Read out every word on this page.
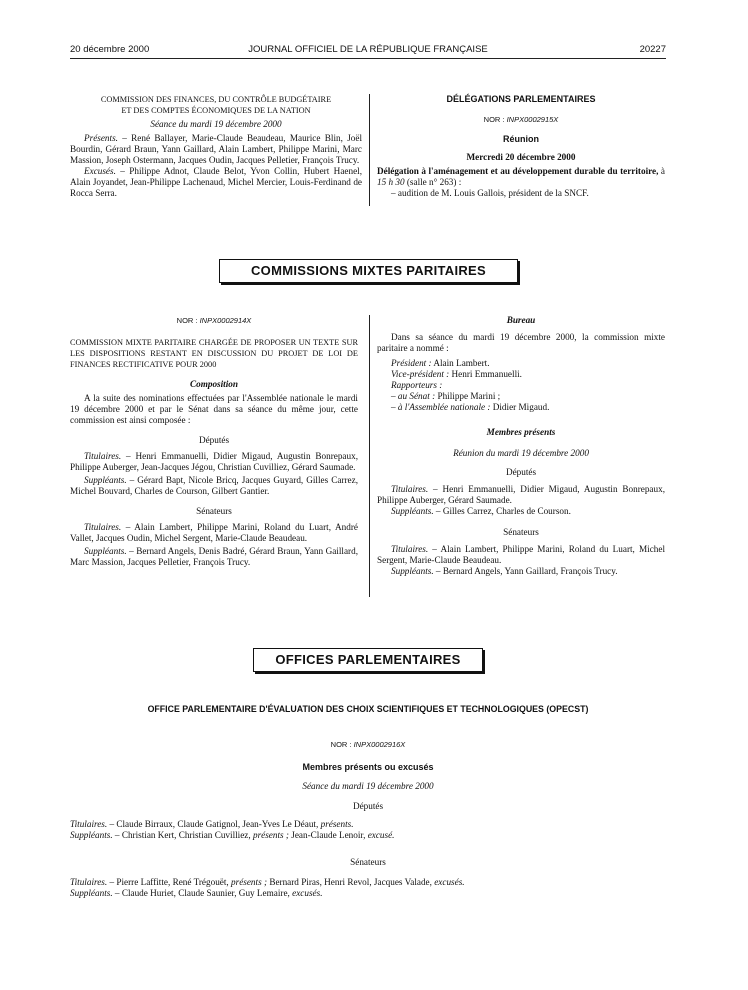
20 décembre 2000	JOURNAL OFFICIEL DE LA RÉPUBLIQUE FRANÇAISE	20227

COMMISSION DES FINANCES, DU CONTRÔLE BUDGÉTAIRE

ET DES COMPTES ÉCONOMIQUES DE LA NATION

Séance du mardi 19 décembre 2000

Présents. – René Ballayer, Marie-Claude Beaudeau, Maurice Blin, Joël Bourdin, Gérard Braun, Yann Gaillard, Alain Lambert, Philippe Marini, Marc Massion, Joseph Ostermann, Jacques Oudin, Jacques Pelletier, François Trucy.

Excusés. – Philippe Adnot, Claude Belot, Yvon Collin, Hubert Haenel, Alain Joyandet, Jean-Philippe Lachenaud, Michel Mercier, Louis-Ferdinand de Rocca Serra.

DÉLÉGATIONS PARLEMENTAIRES

NOR : INPX0002915X

Réunion

Mercredi 20 décembre 2000

Délégation à l'aménagement et au développement durable du territoire, à 15 h 30 (salle n° 263) :

– audition de M. Louis Gallois, président de la SNCF.

COMMISSIONS MIXTES PARITAIRES

NOR : INPX0002914X

COMMISSION MIXTE PARITAIRE CHARGÉE DE PROPOSER UN TEXTE SUR LES DISPOSITIONS RESTANT EN DISCUSSION DU PROJET DE LOI DE FINANCES RECTIFICATIVE POUR 2000

Composition

A la suite des nominations effectuées par l'Assemblée nationale le mardi 19 décembre 2000 et par le Sénat dans sa séance du même jour, cette commission est ainsi composée :

Députés

Titulaires. – Henri Emmanuelli, Didier Migaud, Augustin Bonrepaux, Philippe Auberger, Jean-Jacques Jégou, Christian Cuvilliez, Gérard Saumade.

Suppléants. – Gérard Bapt, Nicole Bricq, Jacques Guyard, Gilles Carrez, Michel Bouvard, Charles de Courson, Gilbert Gantier.

Sénateurs

Titulaires. – Alain Lambert, Philippe Marini, Roland du Luart, André Vallet, Jacques Oudin, Michel Sergent, Marie-Claude Beaudeau.

Suppléants. – Bernard Angels, Denis Badré, Gérard Braun, Yann Gaillard, Marc Massion, Jacques Pelletier, François Trucy.

Bureau

Dans sa séance du mardi 19 décembre 2000, la commission mixte paritaire a nommé :

Président : Alain Lambert.

Vice-président : Henri Emmanuelli.

Rapporteurs :

– au Sénat : Philippe Marini ;

– à l'Assemblée nationale : Didier Migaud.

Membres présents

Réunion du mardi 19 décembre 2000

Députés

Titulaires. – Henri Emmanuelli, Didier Migaud, Augustin Bonrepaux, Philippe Auberger, Gérard Saumade.

Suppléants. – Gilles Carrez, Charles de Courson.

Sénateurs

Titulaires. – Alain Lambert, Philippe Marini, Roland du Luart, Michel Sergent, Marie-Claude Beaudeau.

Suppléants. – Bernard Angels, Yann Gaillard, François Trucy.

OFFICES PARLEMENTAIRES

OFFICE PARLEMENTAIRE D'ÉVALUATION DES CHOIX SCIENTIFIQUES ET TECHNOLOGIQUES (OPECST)

NOR : INPX0002916X

Membres présents ou excusés

Séance du mardi 19 décembre 2000

Députés

Titulaires. – Claude Birraux, Claude Gatignol, Jean-Yves Le Déaut, présents.

Suppléants. – Christian Kert, Christian Cuvilliez, présents ; Jean-Claude Lenoir, excusé.

Sénateurs

Titulaires. – Pierre Laffitte, René Trégouët, présents ; Bernard Piras, Henri Revol, Jacques Valade, excusés.

Suppléants. – Claude Huriet, Claude Saunier, Guy Lemaire, excusés.
